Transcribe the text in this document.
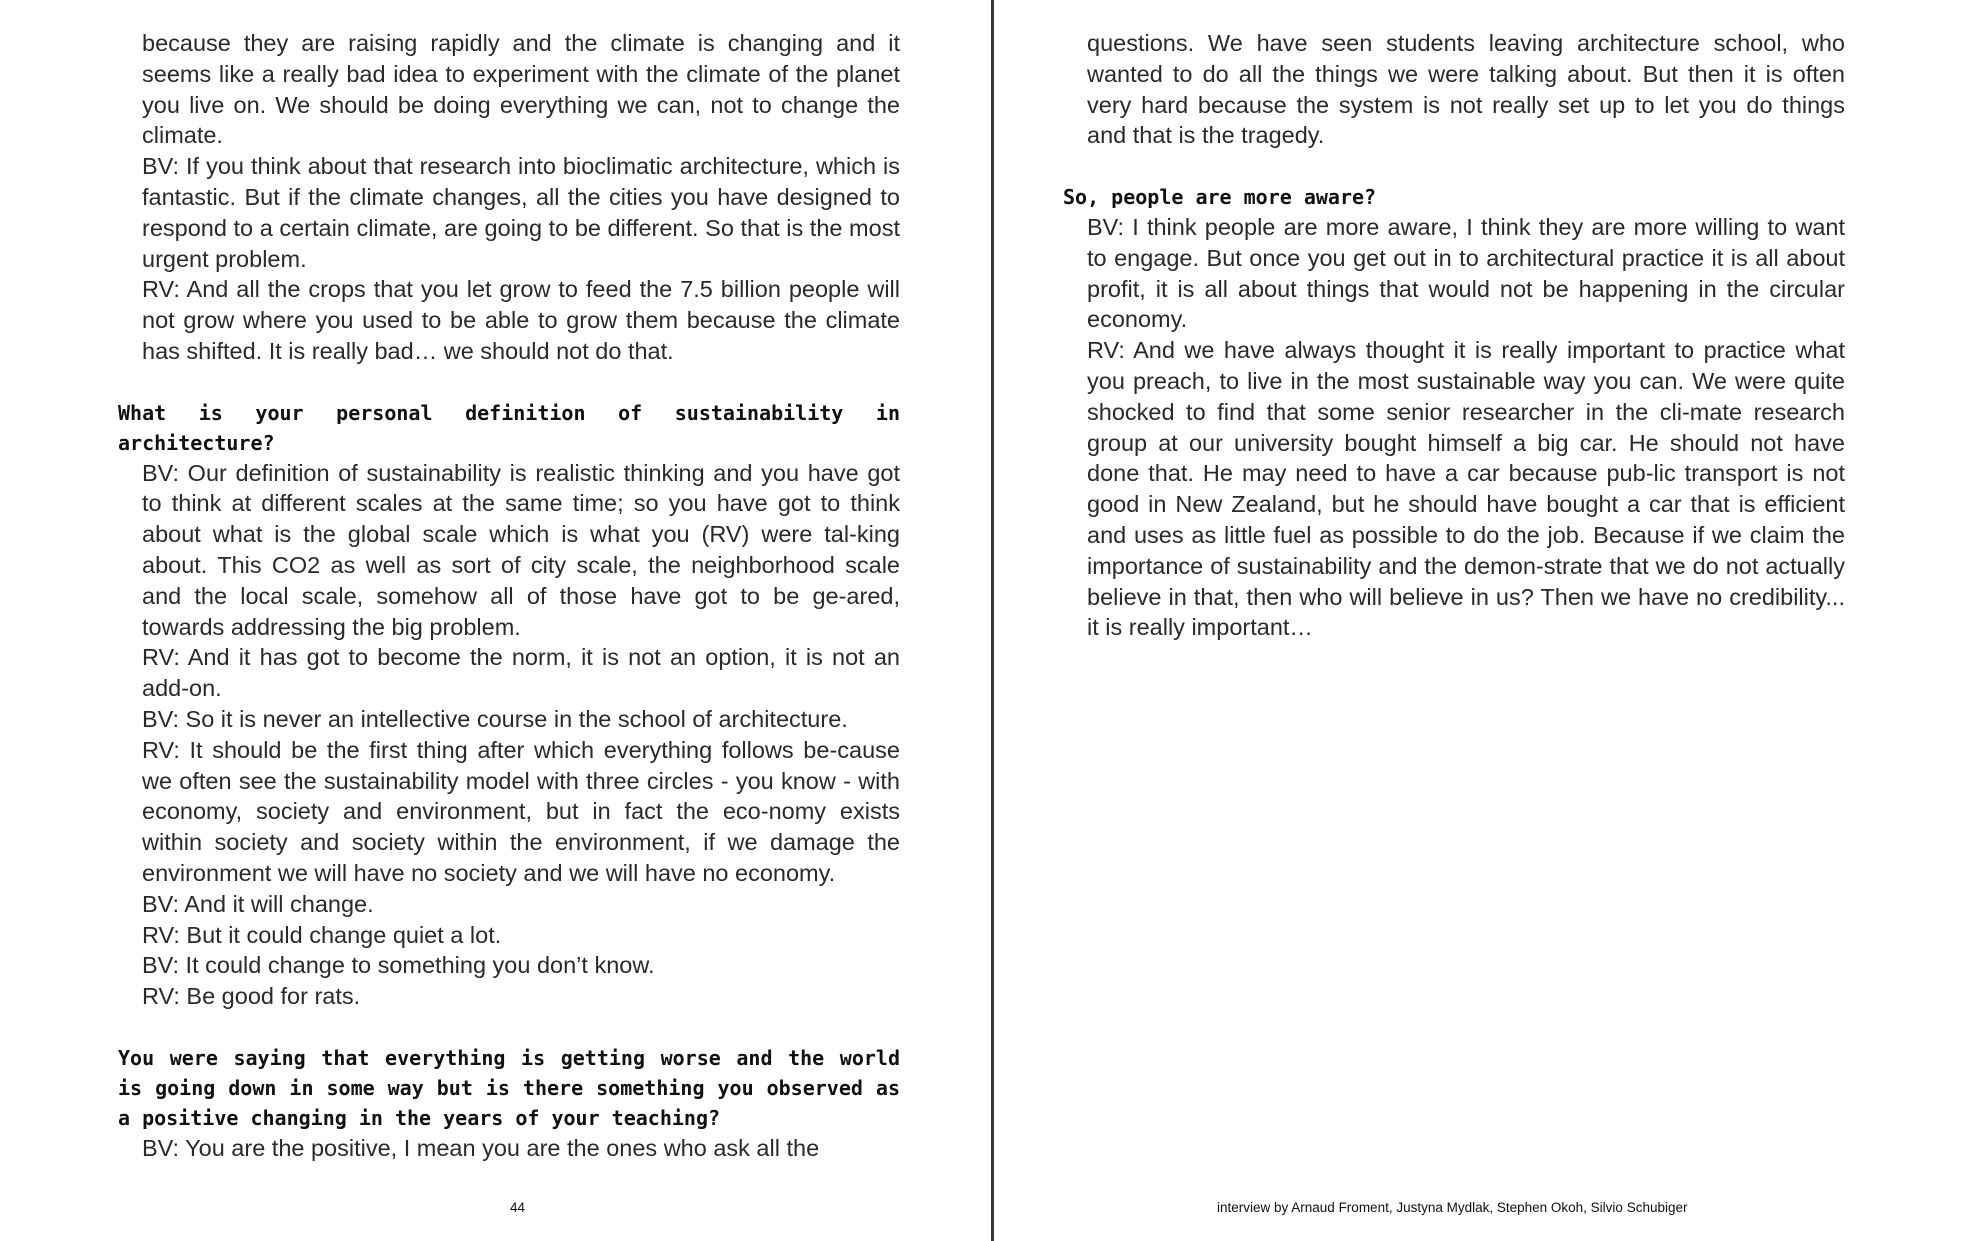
because they are raising rapidly and the climate is changing and it seems like a really bad idea to experiment with the climate of the planet you live on. We should be doing everything we can, not to change the climate.

BV: If you think about that research into bioclimatic architecture, which is fantastic. But if the climate changes, all the cities you have designed to respond to a certain climate, are going to be different. So that is the most urgent problem.

RV: And all the crops that you let grow to feed the 7.5 billion people will not grow where you used to be able to grow them because the climate has shifted. It is really bad… we should not do that.

What is your personal definition of sustainability in architecture?

BV: Our definition of sustainability is realistic thinking and you have got to think at different scales at the same time; so you have got to think about what is the global scale which is what you (RV) were tal-king about. This CO2 as well as sort of city scale, the neighborhood scale and the local scale, somehow all of those have got to be ge-ared, towards addressing the big problem.

RV: And it has got to become the norm, it is not an option, it is not an add-on.

BV: So it is never an intellective course in the school of architecture.

RV: It should be the first thing after which everything follows be-cause we often see the sustainability model with three circles - you know - with economy, society and environment, but in fact the eco-nomy exists within society and society within the environment, if we damage the environment we will have no society and we will have no economy.

BV: And it will change.

RV: But it could change quiet a lot.

BV: It could change to something you don’t know.

RV: Be good for rats.

You were saying that everything is getting worse and the world is going down in some way but is there something you observed as a positive changing in the years of your teaching?

BV: You are the positive, I mean you are the ones who ask all the

questions. We have seen students leaving architecture school, who wanted to do all the things we were talking about. But then it is often very hard because the system is not really set up to let you do things and that is the tragedy.

So, people are more aware?

BV: I think people are more aware, I think they are more willing to want to engage. But once you get out in to architectural practice it is all about profit, it is all about things that would not be happening in the circular economy.

RV: And we have always thought it is really important to practice what you preach, to live in the most sustainable way you can. We were quite shocked to find that some senior researcher in the cli-mate research group at our university bought himself a big car. He should not have done that. He may need to have a car because pub-lic transport is not good in New Zealand, but he should have bought a car that is efficient and uses as little fuel as possible to do the job. Because if we claim the importance of sustainability and the demon-strate that we do not actually believe in that, then who will believe in us? Then we have no credibility... it is really important…

44	interview by Arnaud Froment, Justyna Mydlak, Stephen Okoh, Silvio Schubiger
